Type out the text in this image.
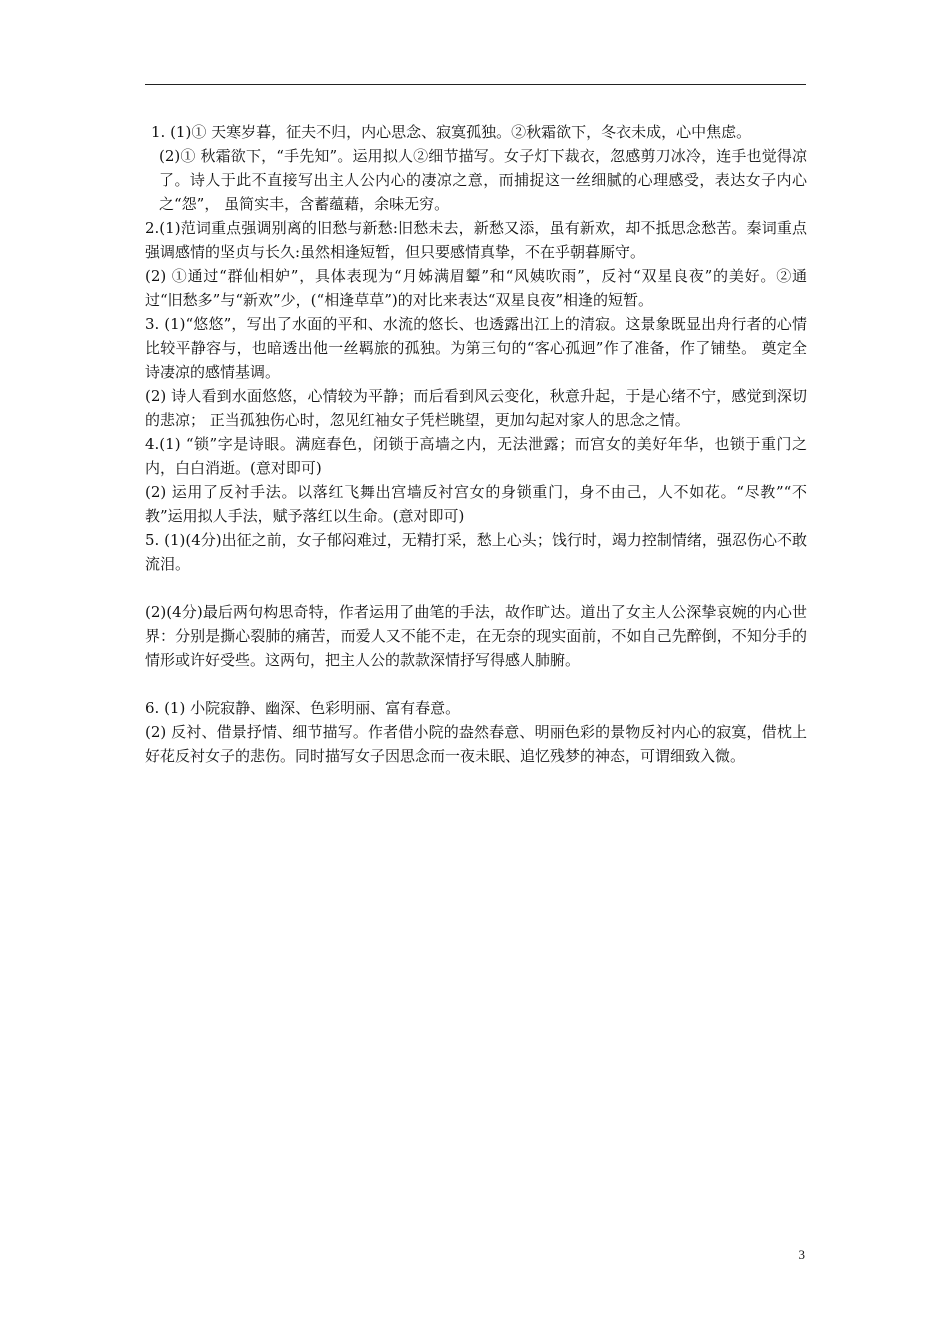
1. (1)① 天寒岁暮，征夫不归，内心思念、寂寞孤独。②秋霜欲下，冬衣未成，心中焦虑。

(2)① 秋霜欲下，“手先知”。运用拟人②细节描写。女子灯下裁衣，忽感剪刀冰冷，连手也觉得凉了。诗人于此不直接写出主人公内心的凄凉之意，而捕捉这一丝细腻的心理感受，表达女子内心之“怨”， 虽简实丰，含蓄蕴藉，余味无穷。

2.(1)范词重点强调别离的旧愁与新愁:旧愁未去，新愁又添，虽有新欢，却不抵思念愁苦。秦词重点强调感情的坚贞与长久:虽然相逢短暂，但只要感情真挚，不在乎朝暮厮守。

(2) ①通过“群仙相妒”，具体表现为“月姊满眉颦”和“风姨吹雨”，反衬“双星良夜”的美好。②通过“旧愁多”与“新欢”少，(“相逢草草”)的对比来表达“双星良夜”相逢的短暂。

3. (1)“悠悠”，写出了水面的平和、水流的悠长、也透露出江上的清寂。这景象既显出舟行者的心情比较平静容与，也暗透出他一丝羁旅的孤独。为第三句的“客心孤迥”作了准备，作了铺垫。 奠定全诗凄凉的感情基调。

(2) 诗人看到水面悠悠，心情较为平静；而后看到风云变化，秋意升起，于是心绪不宁，感觉到深切的悲凉； 正当孤独伤心时，忽见红袖女子凭栏眺望，更加勾起对家人的思念之情。

4.(1) “锁”字是诗眼。满庭春色，闭锁于高墙之内，无法泄露；而宫女的美好年华，也锁于重门之内，白白消逝。(意对即可)

(2) 运用了反衬手法。以落红飞舞出宫墙反衬宫女的身锁重门，身不由己，人不如花。“尽教”“不教”运用拟人手法，赋予落红以生命。(意对即可)

5. (1)(4分)出征之前，女子郁闷难过，无精打采，愁上心头；饯行时，竭力控制情绪，强忍伤心不敢流泪。

(2)(4分)最后两句构思奇特，作者运用了曲笔的手法，故作旷达。道出了女主人公深挚哀婉的内心世界：分别是撕心裂肺的痛苦，而爱人又不能不走，在无奈的现实面前，不如自己先醉倒，不知分手的情形或许好受些。这两句，把主人公的款款深情抒写得感人肺腑。

6. (1) 小院寂静、幽深、色彩明丽、富有春意。

(2) 反衬、借景抒情、细节描写。作者借小院的盎然春意、明丽色彩的景物反衬内心的寂寞，借枕上好花反衬女子的悲伤。同时描写女子因思念而一夜未眠、追忆残梦的神态，可谓细致入微。

3
